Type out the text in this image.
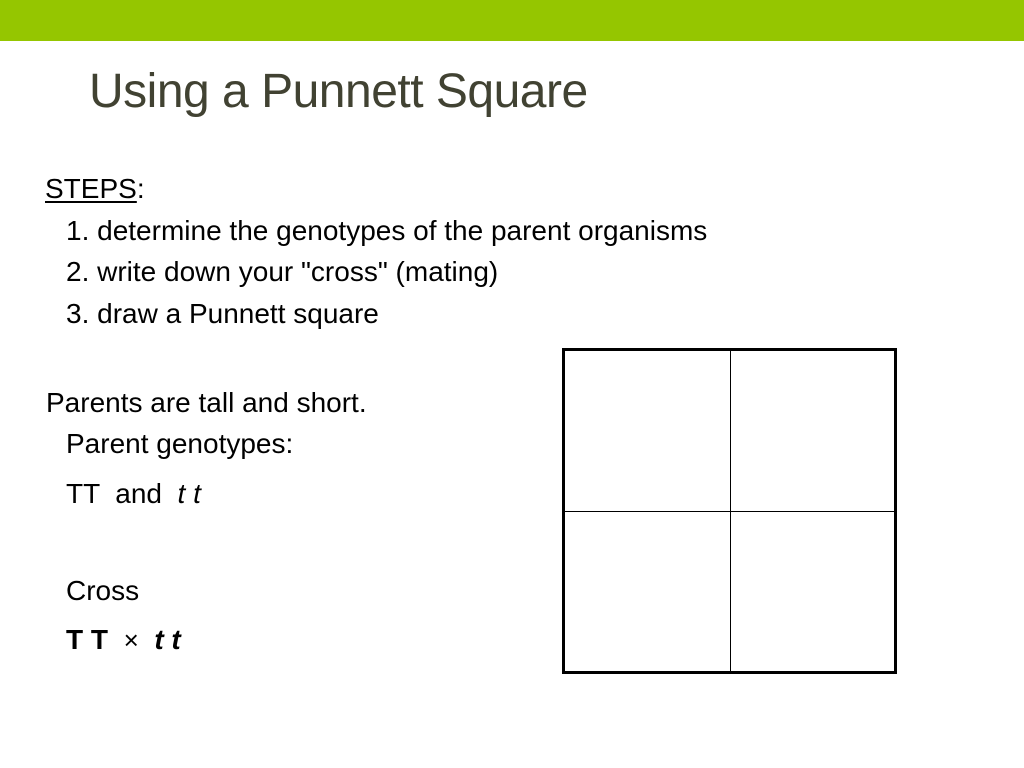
Using a Punnett Square
STEPS:
1. determine the genotypes of the parent organisms
2. write down your "cross" (mating)
3. draw a Punnett square
Parents are tall and short.
Parent genotypes:
TT and t t
Cross
T T × t t
